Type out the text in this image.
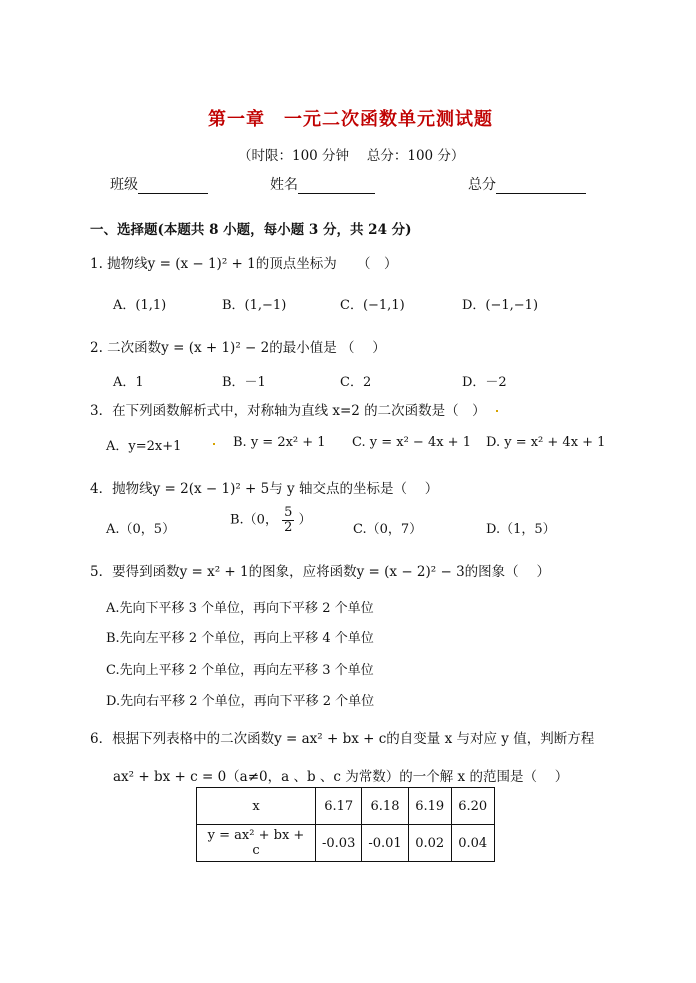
第一章　一元二次函数单元测试题
（时限：100 分钟　 总分：100 分）
班级	姓名	总分
一、选择题(本题共 8 小题，每小题 3 分，共 24 分)
1. 抛物线y = (x − 1)² + 1的顶点坐标为　　（　）
A．(1,1)	B．(1,−1)	C．(−1,1)	D．(−1,−1)
2. 二次函数y = (x + 1)² − 2的最小值是 （　 ）
A．1	B．－1	C．2	D．－2
3．在下列函数解析式中，对称轴为直线 x=2 的二次函数是（　）
A．y=2x+1	B. y = 2x² + 1 C. y = x² − 4x + 1 D. y = x² + 4x + 1
4．抛物线y = 2(x − 1)² + 5与 y 轴交点的坐标是（　 ）
A.（0，5）
B.（0， $\frac{5}{2}$ ）
C.（0，7）	D.（1，5）
5．要得到函数y = x² + 1的图象，应将函数y = (x − 2)² − 3的图象（　 ）
A.先向下平移 3 个单位，再向下平移 2 个单位
B.先向左平移 2 个单位，再向上平移 4 个单位
C.先向上平移 2 个单位，再向左平移 3 个单位
D.先向右平移 2 个单位，再向下平移 2 个单位
6．根据下列表格中的二次函数y = ax² + bx + c的自变量 x 与对应 y 值，判断方程
ax² + bx + c = 0（a≠0，a 、b 、c 为常数）的一个解 x 的范围是（　 ）
x	6.17	6.18	6.19	6.20
y = ax² + bx + c	-0.03	-0.01	0.02	0.04
